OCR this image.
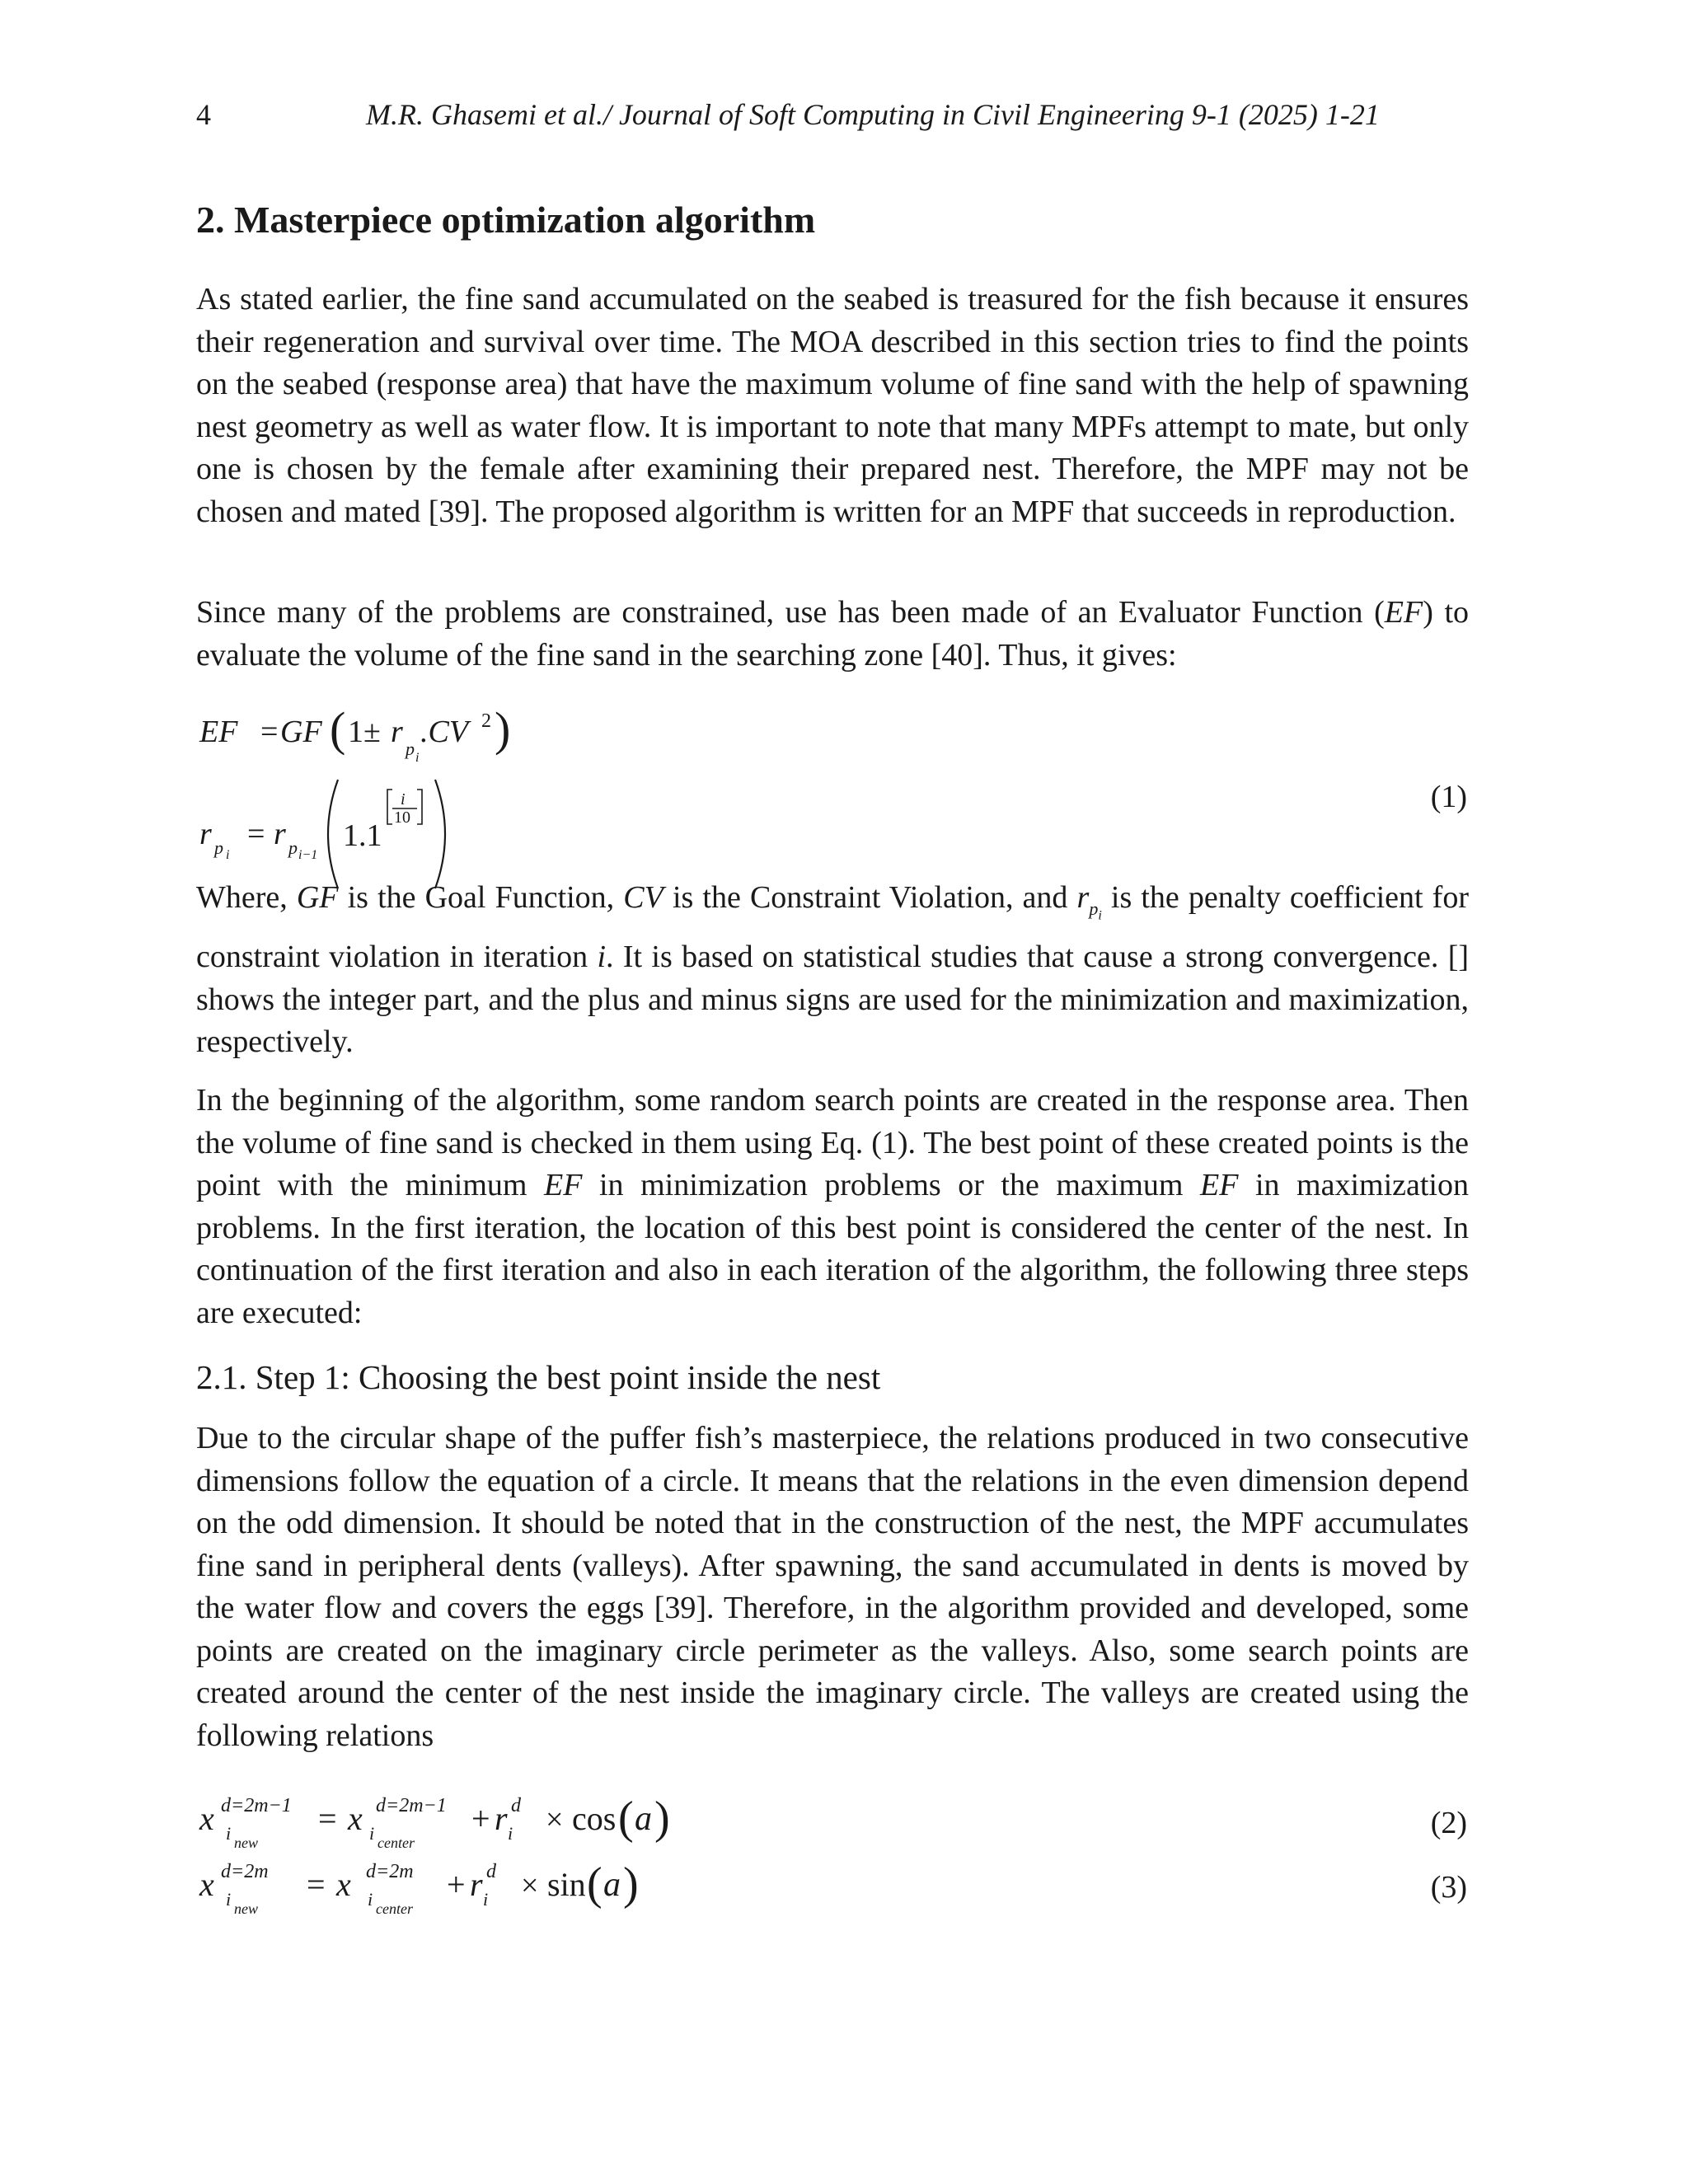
4	M.R. Ghasemi et al./ Journal of Soft Computing in Civil Engineering 9-1 (2025) 1-21
2. Masterpiece optimization algorithm

As stated earlier, the fine sand accumulated on the seabed is treasured for the fish because it ensures their regeneration and survival over time. The MOA described in this section tries to find the points on the seabed (response area) that have the maximum volume of fine sand with the help of spawning nest geometry as well as water flow. It is important to note that many MPFs attempt to mate, but only one is chosen by the female after examining their prepared nest. Therefore, the MPF may not be chosen and mated [39]. The proposed algorithm is written for an MPF that succeeds in reproduction.

Since many of the problems are constrained, use has been made of an Evaluator Function (EF) to evaluate the volume of the fine sand in the searching zone [40]. Thus, it gives:

EF = GF ( 1± r p i
.CV 2 )
r p i
= r p i−1
1.1
i
10
(1)

Where, GF is the Goal Function, CV is the Constraint Violation, and $r_{p_i}$ is the penalty coefficient for constraint violation in iteration i. It is based on statistical studies that cause a strong convergence. [] shows the integer part, and the plus and minus signs are used for the minimization and maximization, respectively.

In the beginning of the algorithm, some random search points are created in the response area. Then the volume of fine sand is checked in them using Eq. (1). The best point of these created points is the point with the minimum EF in minimization problems or the maximum EF in maximization problems. In the first iteration, the location of this best point is considered the center of the nest. In continuation of the first iteration and also in each iteration of the algorithm, the following three steps are executed:

2.1. Step 1: Choosing the best point inside the nest

Due to the circular shape of the puffer fish’s masterpiece, the relations produced in two consecutive dimensions follow the equation of a circle. It means that the relations in the even dimension depend on the odd dimension. It should be noted that in the construction of the nest, the MPF accumulates fine sand in peripheral dents (valleys). After spawning, the sand accumulated in dents is moved by the water flow and covers the eggs [39]. Therefore, in the algorithm provided and developed, some points are created on the imaginary circle perimeter as the valleys. Also, some search points are created around the center of the nest inside the imaginary circle. The valleys are created using the following relations

x d=2m−1
i new
= x d=2m−1
i center
+ r d
i × cos ( a )	(2)
x d=2m
i new
= x d=2m
i center
+ r d
i × sin ( a )	(3)
